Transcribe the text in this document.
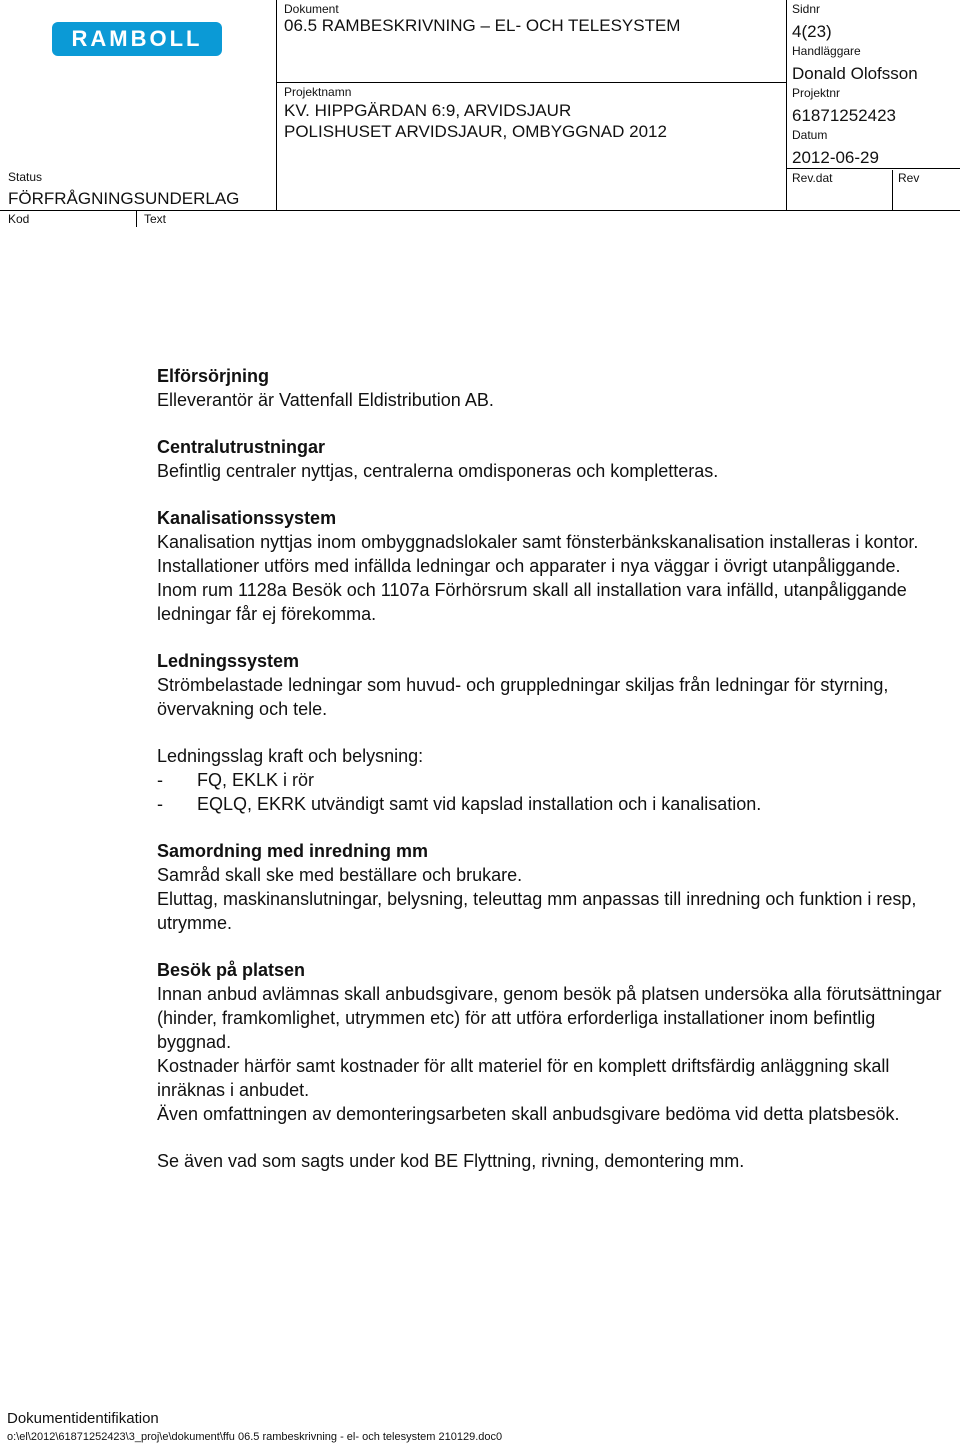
RAMBOLL
Dokument
06.5 RAMBESKRIVNING – EL- OCH TELESYSTEM
Projektnamn
KV. HIPPGÄRDAN 6:9, ARVIDSJAUR
POLISHUSET ARVIDSJAUR, OMBYGGNAD 2012
Sidnr
4(23)
Handläggare
Donald Olofsson
Projektnr
61871252423
Datum
2012-06-29
Rev.dat	Rev
Status
FÖRFRÅGNINGSUNDERLAG
Kod	Text
Elförsörjning

Elleverantör är Vattenfall Eldistribution AB.

Centralutrustningar

Befintlig centraler nyttjas, centralerna omdisponeras och kompletteras.

Kanalisationssystem

Kanalisation nyttjas inom ombyggnadslokaler samt fönsterbänkskanalisation installeras i kontor.

Installationer utförs med infällda ledningar och apparater i nya väggar i övrigt utanpåliggande.

Inom rum 1128a Besök och 1107a Förhörsrum skall all installation vara infälld, utanpåliggande ledningar får ej förekomma.

Ledningssystem

Strömbelastade ledningar som huvud- och gruppledningar skiljas från ledningar för styrning, övervakning och tele.

Ledningsslag kraft och belysning:

-	FQ, EKLK i rör
-	EQLQ, EKRK utvändigt samt vid kapslad installation och i kanalisation.
Samordning med inredning mm

Samråd skall ske med beställare och brukare.

Eluttag, maskinanslutningar, belysning, teleuttag mm anpassas till inredning och funktion i resp, utrymme.

Besök på platsen

Innan anbud avlämnas skall anbudsgivare, genom besök på platsen undersöka alla förutsättningar (hinder, framkomlighet, utrymmen etc) för att utföra erforderliga installationer inom befintlig byggnad.

Kostnader härför samt kostnader för allt materiel för en komplett driftsfärdig anläggning skall inräknas i anbudet.

Även omfattningen av demonteringsarbeten skall anbudsgivare bedöma vid detta platsbesök.

Se även vad som sagts under kod BE Flyttning, rivning, demontering mm.

Dokumentidentifikation
o:\el\2012\61871252423\3_proj\e\dokument\ffu 06.5 rambeskrivning - el- och telesystem 210129.doc0
